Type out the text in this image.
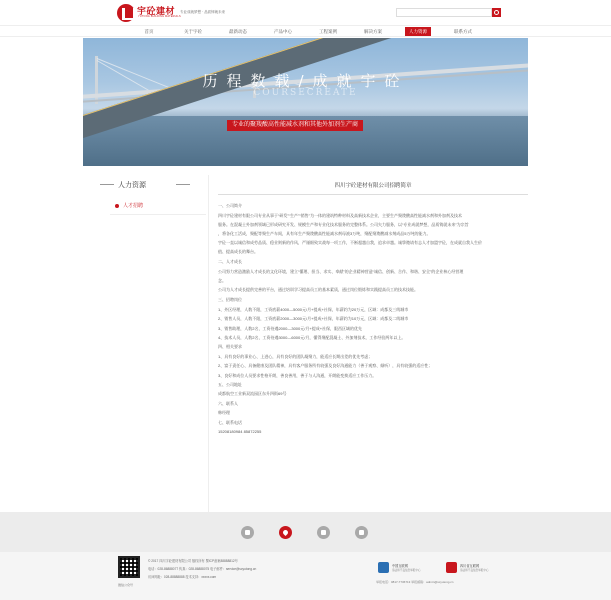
宇砼建材
YUTONG BUILDING MATERIALS
专业成就梦想 · 品质铸就未来
首页	关于宇砼	最新动态	产品中心	工程案例	解决方案	人力资源	联系方式
历程数载/成就宇砼
COURSECREATE
专业的聚羧酸高性能减水剂和其他外加剂生产商
人力资源
人才招聘
四川宇砼建材有限公司招聘简章
一、公司简介
四川宇砼建材有限公司专业从事于“研发”“生产”“销售”为一体的建筑特种材料及高新技术企业，主要生产聚羧酸高性能减水剂和外加剂及技术
服务。在混凝土外加剂领域已形成研究开发、规模生产和专业化技术服务的完整体系。公司矢力服务，以“专业成就梦想，品质铸就未来”为宗旨
，将各化工活成，聚配等聚生产车间，具有年生产聚羧酸高性能减水剂母液3万吨，聚配聚羧酸减水剂成品5万吨的能力。
宇砼一直以诚信和成劳品质、稳业则新的作风，严谨细致实战每一项工作，不断超越自我，追求卓越。诚挚邀请有志人才加盟宇砼，在成就自我人生价
值、提高成长的舞台。
二、人才成长
公司努力营造激励人才成长的文化环境，建立“懂理、担当、求实、奉献”的企业精神营造“诚信、创新、合作、和谐、安全”的企业核心经营理
念。
公司为人才成长提供完善的平台，通过培训学习提高员工的基本素质，通过岗位锻炼和实践提高员工的技术技能。
三、招聘岗位
1、外区经理，人数不限，工资底薪4000—5000元/月+提成+社保，年薪约为20万元，区域：成都及三线城市
2、销售人员，人数不限，工资底薪2000—3000元/月+提成+社保，年薪约为10万元，区域：成都及二线城市
3、销售助理，人数2名，工资待遇2000—3000元/月+提成+社保，限西区域的优先
4、技术人员，人数2名，工资待遇3000—6000元/月，懂得聚配混凝土、外加剂技术，工作经验两年以上。
四、相关要求
1、具有良好的事业心、上进心，具有良好的团队凝聚力，能适应长期出差的优先考虑；
2、富于责任心、具备健康及团队精神，具有客户服务所有较强及良好沟通能力（善于观察、倾听），具有较强的适应性；
3、良好和成位人员要求性格开朗，善良善用，善于与人沟通，开朗能变换适应工作压力。
五、公司地址
成都航空工业新双流园区东升四街69号
六、联系人
韩经理
七、联系电话
15208180984 85872255
微信公众号
© 2017 四川宇砼建材有限公司 版权所有 蜀ICP备案88888812号
电话：028-86888077 传真：028-86888075 电子邮件：service@scyutong.cn
访问网址：028-88888888 技术支持：xxxxx.com
中国互联网
违法和不良信息举报中心
四川省互联网
违法和不良信息举报中心
举报电话：0817-7736713 举报邮箱：admin@scyutong.cn
